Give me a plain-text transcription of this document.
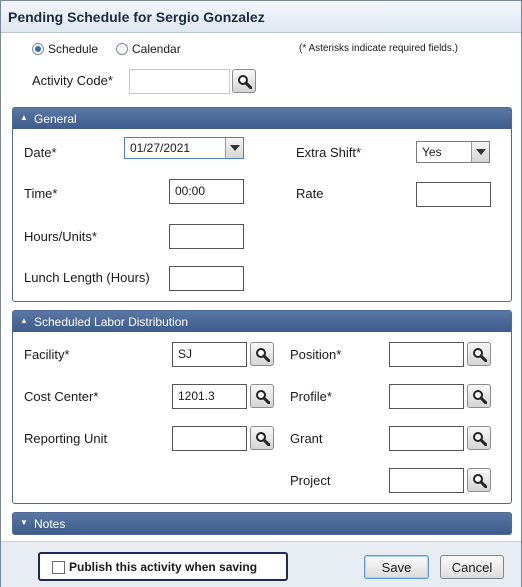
Pending Schedule for Sergio Gonzalez
Schedule	Calendar	(* Asterisks indicate required fields.)
Activity Code*
▲ General
Date*	01/27/2021
Time*	00:00
Hours/Units*
Lunch Length (Hours)
Extra Shift*	Yes
Rate
▲ Scheduled Labor Distribution
Facility*	SJ
Cost Center*	1201.3
Reporting Unit
Position*
Profile*
Grant
Project
▼ Notes
Publish this activity when saving	Save	Cancel
